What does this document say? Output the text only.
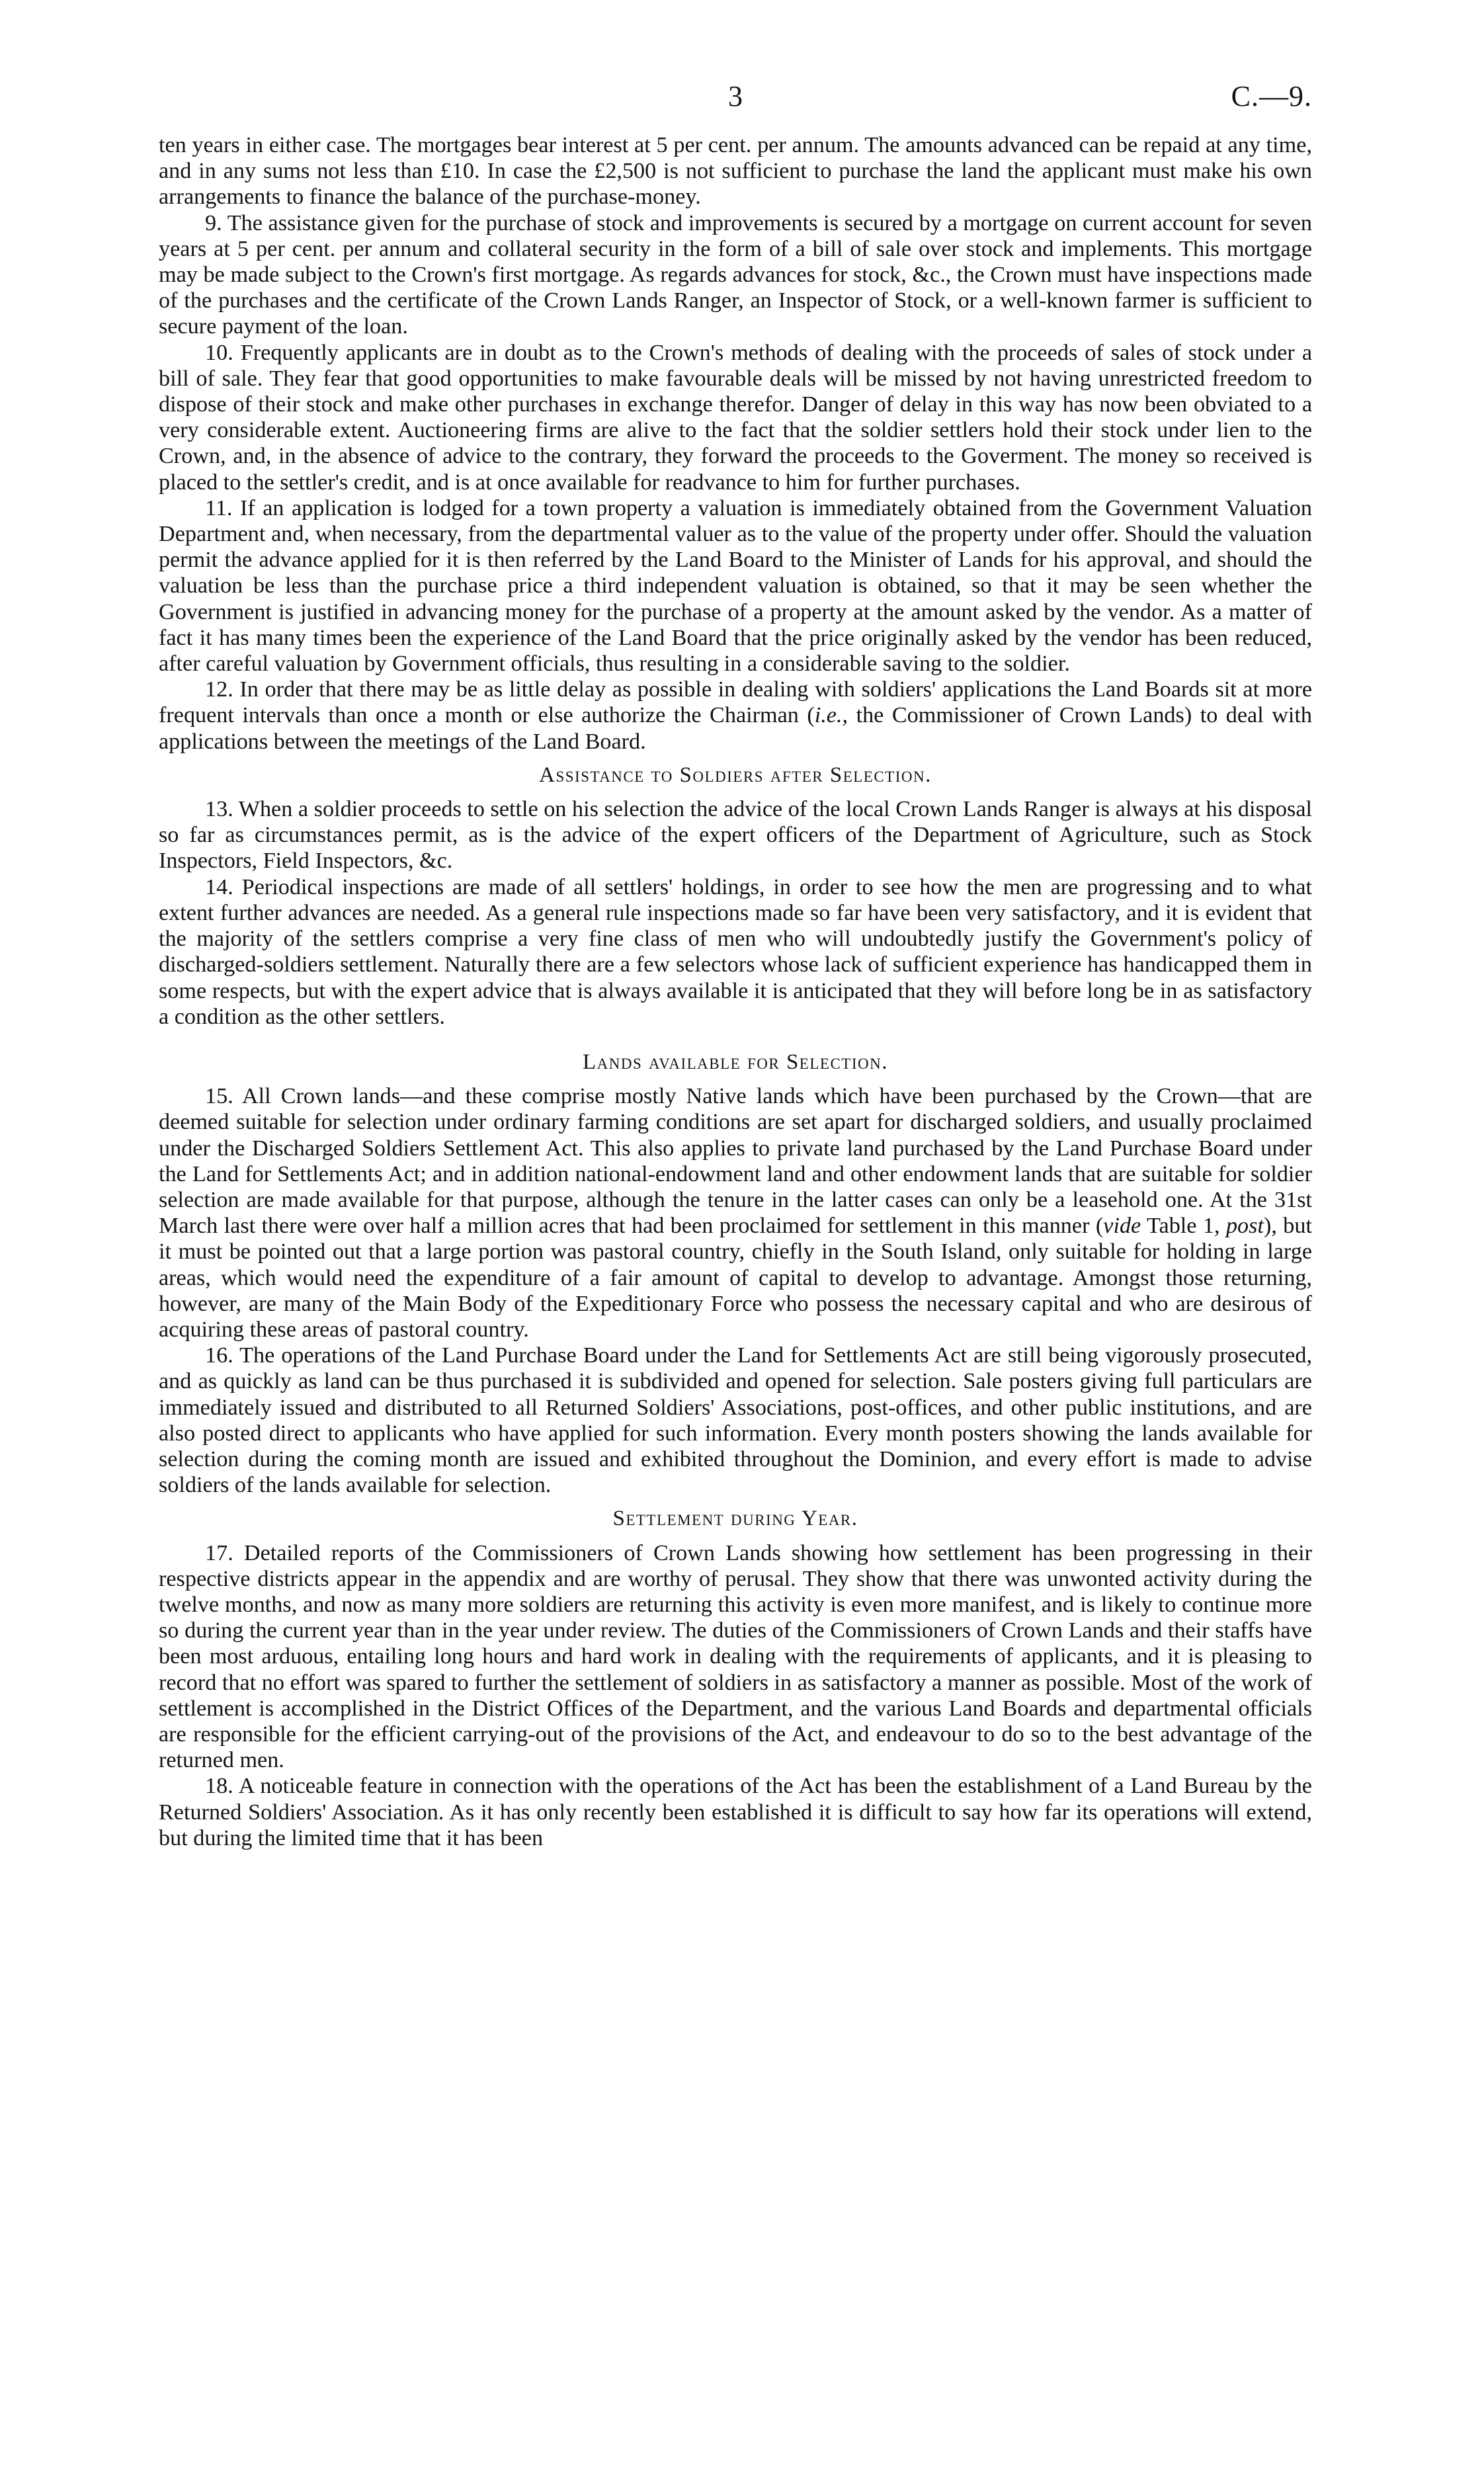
3	C.—9.

ten years in either case. The mortgages bear interest at 5 per cent. per annum. The amounts advanced can be repaid at any time, and in any sums not less than £10. In case the £2,500 is not sufficient to purchase the land the applicant must make his own arrangements to finance the balance of the purchase-money.

9. The assistance given for the purchase of stock and improvements is secured by a mortgage on current account for seven years at 5 per cent. per annum and collateral security in the form of a bill of sale over stock and implements. This mortgage may be made subject to the Crown's first mortgage. As regards advances for stock, &c., the Crown must have inspections made of the purchases and the certificate of the Crown Lands Ranger, an Inspector of Stock, or a well-known farmer is sufficient to secure payment of the loan.

10. Frequently applicants are in doubt as to the Crown's methods of dealing with the proceeds of sales of stock under a bill of sale. They fear that good opportunities to make favourable deals will be missed by not having unrestricted freedom to dispose of their stock and make other purchases in exchange therefor. Danger of delay in this way has now been obviated to a very considerable extent. Auctioneering firms are alive to the fact that the soldier settlers hold their stock under lien to the Crown, and, in the absence of advice to the contrary, they forward the proceeds to the Goverment. The money so received is placed to the settler's credit, and is at once available for readvance to him for further purchases.

11. If an application is lodged for a town property a valuation is immediately obtained from the Government Valuation Department and, when necessary, from the departmental valuer as to the value of the property under offer. Should the valuation permit the advance applied for it is then referred by the Land Board to the Minister of Lands for his approval, and should the valuation be less than the purchase price a third independent valuation is obtained, so that it may be seen whether the Government is justified in advancing money for the purchase of a property at the amount asked by the vendor. As a matter of fact it has many times been the experience of the Land Board that the price originally asked by the vendor has been reduced, after careful valuation by Government officials, thus resulting in a considerable saving to the soldier.

12. In order that there may be as little delay as possible in dealing with soldiers' applications the Land Boards sit at more frequent intervals than once a month or else authorize the Chairman (i.e., the Commissioner of Crown Lands) to deal with applications between the meetings of the Land Board.

Assistance to Soldiers after Selection.

13. When a soldier proceeds to settle on his selection the advice of the local Crown Lands Ranger is always at his disposal so far as circumstances permit, as is the advice of the expert officers of the Department of Agriculture, such as Stock Inspectors, Field Inspectors, &c.

14. Periodical inspections are made of all settlers' holdings, in order to see how the men are progressing and to what extent further advances are needed. As a general rule inspections made so far have been very satisfactory, and it is evident that the majority of the settlers comprise a very fine class of men who will undoubtedly justify the Government's policy of discharged-soldiers settlement. Naturally there are a few selectors whose lack of sufficient experience has handicapped them in some respects, but with the expert advice that is always available it is anticipated that they will before long be in as satisfactory a condition as the other settlers.

Lands available for Selection.

15. All Crown lands—and these comprise mostly Native lands which have been purchased by the Crown—that are deemed suitable for selection under ordinary farming conditions are set apart for discharged soldiers, and usually proclaimed under the Discharged Soldiers Settlement Act. This also applies to private land purchased by the Land Purchase Board under the Land for Settlements Act; and in addition national-endowment land and other endowment lands that are suitable for soldier selection are made available for that purpose, although the tenure in the latter cases can only be a leasehold one. At the 31st March last there were over half a million acres that had been proclaimed for settlement in this manner (vide Table 1, post), but it must be pointed out that a large portion was pastoral country, chiefly in the South Island, only suitable for holding in large areas, which would need the expenditure of a fair amount of capital to develop to advantage. Amongst those returning, however, are many of the Main Body of the Expeditionary Force who possess the necessary capital and who are desirous of acquiring these areas of pastoral country.

16. The operations of the Land Purchase Board under the Land for Settlements Act are still being vigorously prosecuted, and as quickly as land can be thus purchased it is subdivided and opened for selection. Sale posters giving full particulars are immediately issued and distributed to all Returned Soldiers' Associations, post-offices, and other public institutions, and are also posted direct to applicants who have applied for such information. Every month posters showing the lands available for selection during the coming month are issued and exhibited throughout the Dominion, and every effort is made to advise soldiers of the lands available for selection.

Settlement during Year.

17. Detailed reports of the Commissioners of Crown Lands showing how settlement has been progressing in their respective districts appear in the appendix and are worthy of perusal. They show that there was unwonted activity during the twelve months, and now as many more soldiers are returning this activity is even more manifest, and is likely to continue more so during the current year than in the year under review. The duties of the Commissioners of Crown Lands and their staffs have been most arduous, entailing long hours and hard work in dealing with the requirements of applicants, and it is pleasing to record that no effort was spared to further the settlement of soldiers in as satisfactory a manner as possible. Most of the work of settlement is accomplished in the District Offices of the Department, and the various Land Boards and departmental officials are responsible for the efficient carrying-out of the provisions of the Act, and endeavour to do so to the best advantage of the returned men.

18. A noticeable feature in connection with the operations of the Act has been the establishment of a Land Bureau by the Returned Soldiers' Association. As it has only recently been established it is difficult to say how far its operations will extend, but during the limited time that it has been
